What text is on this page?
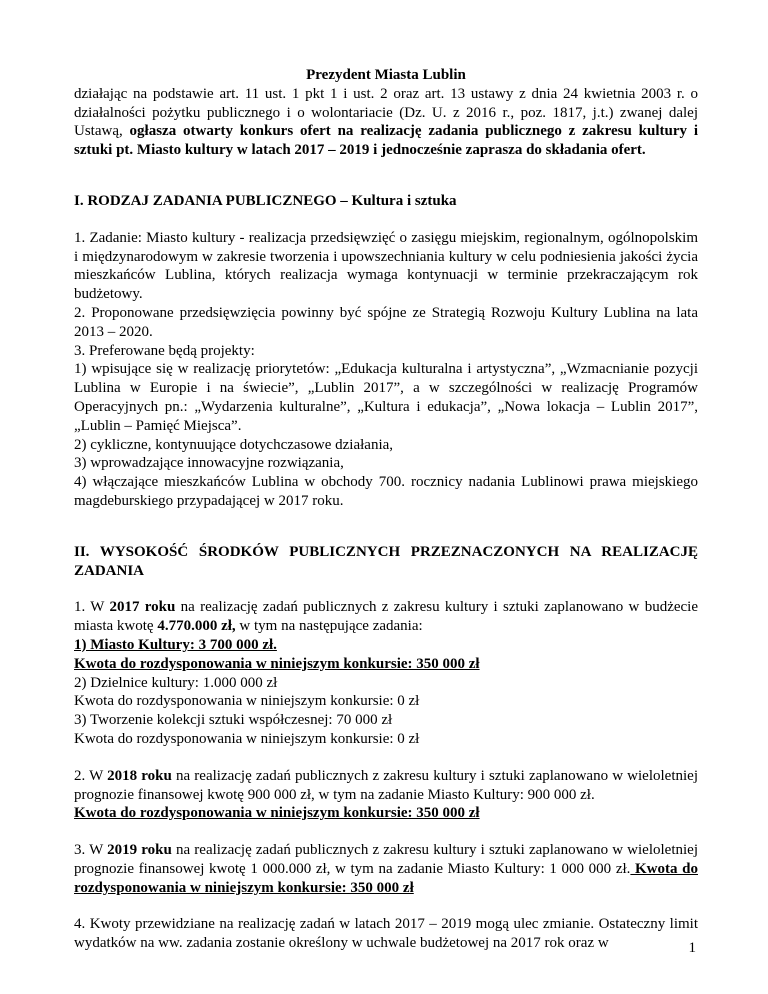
Prezydent Miasta Lublin

działając na podstawie art. 11 ust. 1 pkt 1 i ust. 2 oraz art. 13 ustawy z dnia 24 kwietnia 2003 r. o działalności pożytku publicznego i o wolontariacie (Dz. U. z 2016 r., poz. 1817, j.t.) zwanej dalej Ustawą, ogłasza otwarty konkurs ofert na realizację zadania publicznego z zakresu kultury i sztuki pt. Miasto kultury w latach 2017 – 2019 i jednocześnie zaprasza do składania ofert.

I. RODZAJ ZADANIA PUBLICZNEGO – Kultura i sztuka

1. Zadanie: Miasto kultury - realizacja przedsięwzięć o zasięgu miejskim, regionalnym, ogólnopolskim i międzynarodowym w zakresie tworzenia i upowszechniania kultury w celu podniesienia jakości życia mieszkańców Lublina, których realizacja wymaga kontynuacji w terminie przekraczającym rok budżetowy.

2. Proponowane przedsięwzięcia powinny być spójne ze Strategią Rozwoju Kultury Lublina na lata 2013 – 2020.

3. Preferowane będą projekty:

1) wpisujące się w realizację priorytetów: „Edukacja kulturalna i artystyczna”, „Wzmacnianie pozycji Lublina w Europie i na świecie”, „Lublin 2017”, a w szczególności w realizację Programów Operacyjnych pn.: „Wydarzenia kulturalne”, „Kultura i edukacja”, „Nowa lokacja – Lublin 2017”, „Lublin – Pamięć Miejsca”.

2) cykliczne, kontynuujące dotychczasowe działania,

3) wprowadzające innowacyjne rozwiązania,

4) włączające mieszkańców Lublina w obchody 700. rocznicy nadania Lublinowi prawa miejskiego magdeburskiego przypadającej w 2017 roku.

II. WYSOKOŚĆ ŚRODKÓW PUBLICZNYCH PRZEZNACZONYCH NA REALIZACJĘ ZADANIA

1. W 2017 roku na realizację zadań publicznych z zakresu kultury i sztuki zaplanowano w budżecie miasta kwotę 4.770.000 zł, w tym na następujące zadania:

1) Miasto Kultury: 3 700 000 zł.

Kwota do rozdysponowania w niniejszym konkursie: 350 000 zł

2) Dzielnice kultury: 1.000 000 zł

Kwota do rozdysponowania w niniejszym konkursie: 0 zł

3) Tworzenie kolekcji sztuki współczesnej: 70 000 zł

Kwota do rozdysponowania w niniejszym konkursie: 0 zł

2. W 2018 roku na realizację zadań publicznych z zakresu kultury i sztuki zaplanowano w wieloletniej prognozie finansowej kwotę 900 000 zł, w tym na zadanie Miasto Kultury: 900 000 zł.

Kwota do rozdysponowania w niniejszym konkursie: 350 000 zł

3. W 2019 roku na realizację zadań publicznych z zakresu kultury i sztuki zaplanowano w wieloletniej prognozie finansowej kwotę 1 000.000 zł, w tym na zadanie Miasto Kultury: 1 000 000 zł. Kwota do rozdysponowania w niniejszym konkursie: 350 000 zł

4. Kwoty przewidziane na realizację zadań w latach 2017 – 2019 mogą ulec zmianie. Ostateczny limit wydatków na ww. zadania zostanie określony w uchwale budżetowej na 2017 rok oraz w	1
